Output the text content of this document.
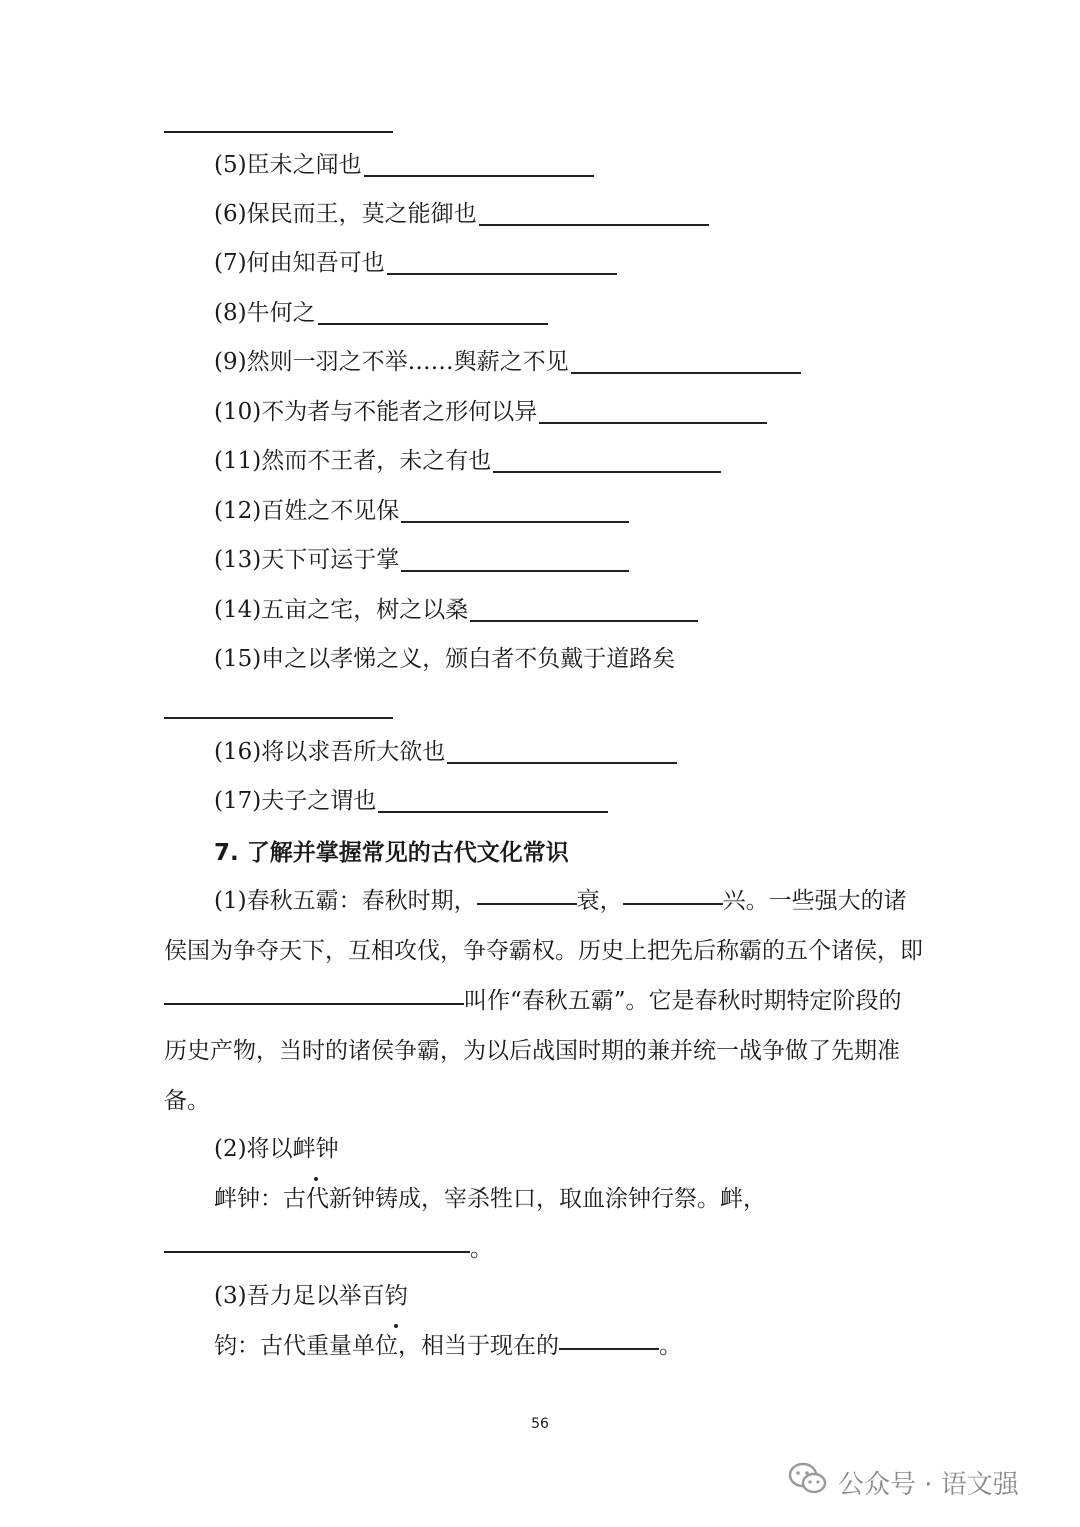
(5)臣未之闻也
(6)保民而王，莫之能御也
(7)何由知吾可也
(8)牛何之
(9)然则一羽之不举……舆薪之不见
(10)不为者与不能者之形何以异
(11)然而不王者，未之有也
(12)百姓之不见保
(13)天下可运于掌
(14)五亩之宅，树之以桑
(15)申之以孝悌之义，颁白者不负戴于道路矣
(16)将以求吾所大欲也
(17)夫子之谓也
7. 了解并掌握常见的古代文化常识
(1)春秋五霸：春秋时期，	衰，	兴。一些强大的诸侯国为争夺天下，互相攻伐，争夺霸权。历史上把先后称霸的五个诸侯，即叫作“春秋五霸”。它是春秋时期特定阶段的历史产物，当时的诸侯争霸，为以后战国时期的兼并统一战争做了先期准备。
(2)将以衅钟
衅钟：古代新钟铸成，宰杀牲口，取血涂钟行祭。衅，
。
(3)吾力足以举百钧
钧：古代重量单位，相当于现在的	。
56
公众号 · 语文强
